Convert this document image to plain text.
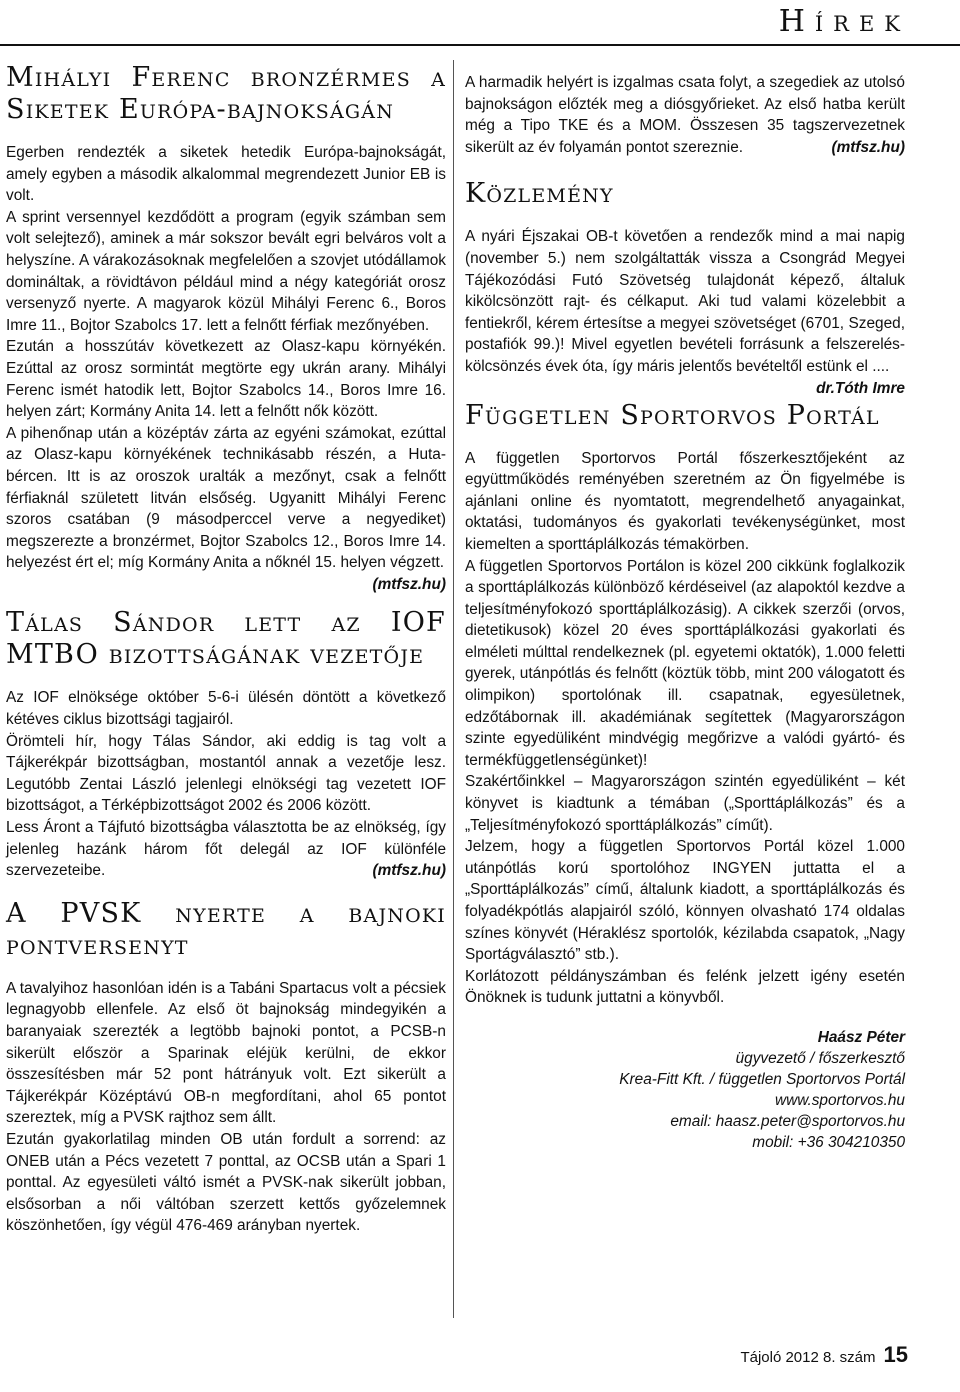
Hírek
Mihályi Ferenc bronzérmes a Siketek Európa-bajnokságán

Egerben rendezték a siketek hetedik Európa-bajnokságát, amely egyben a második alkalommal megrendezett Junior EB is volt.

A sprint versennyel kezdődött a program (egyik számban sem volt selejtező), aminek a már sokszor bevált egri belváros volt a helyszíne. A várakozásoknak megfelelően a szovjet utódállamok domináltak, a rövidtávon például mind a négy kategóriát orosz versenyző nyerte. A magyarok közül Mihályi Ferenc 6., Boros Imre 11., Bojtor Szabolcs 17. lett a felnőtt férfiak mezőnyében.

Ezután a hosszútáv következett az Olasz-kapu környékén. Ezúttal az orosz sormintát megtörte egy ukrán arany. Mihályi Ferenc ismét hatodik lett, Bojtor Szabolcs 14., Boros Imre 16. helyen zárt; Kormány Anita 14. lett a felnőtt nők között.

A pihenőnap után a középtáv zárta az egyéni számokat, ezúttal az Olasz-kapu környékének technikásabb részén, a Huta-bércen. Itt is az oroszok uralták a mezőnyt, csak a felnőtt férfiaknál született litván elsőség. Ugyanitt Mihályi Ferenc szoros csatában (9 másodperccel verve a negyediket) megszerezte a bronzérmet, Bojtor Szabolcs 12., Boros Imre 14. helyezést ért el; míg Kormány Anita a nőknél 15. helyen végzett.

(mtfsz.hu)

Tálas Sándor lett az IOF MTBO bizottságának vezetője

Az IOF elnöksége október 5-6-i ülésén döntött a következő kétéves ciklus bizottsági tagjairól.

Örömteli hír, hogy Tálas Sándor, aki eddig is tag volt a Tájkerékpár bizottságban, mostantól annak a vezetője lesz. Legutóbb Zentai László jelenlegi elnökségi tag vezetett IOF bizottságot, a Térképbizottságot 2002 és 2006 között.

Less Áront a Tájfutó bizottságba választotta be az elnökség, így jelenleg hazánk három főt delegál az IOF különféle szervezeteibe.	(mtfsz.hu)

A PVSK nyerte a bajnoki pontversenyt

A tavalyihoz hasonlóan idén is a Tabáni Spartacus volt a pécsiek legnagyobb ellenfele. Az első öt bajnokság mindegyikén a baranyaiak szerezték a legtöbb bajnoki pontot, a PCSB-n sikerült először a Sparinak eléjük kerülni, de ekkor összesítésben már 52 pont hátrányuk volt. Ezt sikerült a Tájkerékpár Középtávú OB-n megfordítani, ahol 65 pontot szereztek, míg a PVSK rajthoz sem állt.

Ezután gyakorlatilag minden OB után fordult a sorrend: az ONEB után a Pécs vezetett 7 ponttal, az OCSB után a Spari 1 ponttal. Az egyesületi váltó ismét a PVSK-nak sikerült jobban, elsősorban a női váltóban szerzett kettős győzelemnek köszönhetően, így végül 476-469 arányban nyertek.

A harmadik helyért is izgalmas csata folyt, a szegediek az utolsó bajnokságon előzték meg a diósgyőrieket. Az első hatba került még a Tipo TKE és a MOM. Összesen 35 tagszervezetnek sikerült az év folyamán pontot szereznie.	(mtfsz.hu)

Közlemény

A nyári Éjszakai OB-t követően a rendezők mind a mai napig (november 5.) nem szolgáltatták vissza a Csongrád Megyei Tájékozódási Futó Szövetség tulajdonát képező, általuk kikölcsönzött rajt- és célkaput. Aki tud valami közelebbit a fentiekről, kérem értesítse a megyei szövetséget (6701, Szeged, postafiók 99.)! Mivel egyetlen bevételi forrásunk a felszerelés-kölcsönzés évek óta, így máris jelentős bevételtől estünk el ....
dr.Tóth Imre

Független Sportorvos Portál

A független Sportorvos Portál főszerkesztőjeként az együttműködés reményében szeretném az Ön figyelmébe is ajánlani online és nyomtatott, megrendelhető anyagainkat, oktatási, tudományos és gyakorlati tevékenységünket, most kiemelten a sporttáplálkozás témakörben.

A független Sportorvos Portálon is közel 200 cikkünk foglalkozik a sporttáplálkozás különböző kérdéseivel (az alapoktól kezdve a teljesítményfokozó sporttáplálkozásig). A cikkek szerzői (orvos, dietetikusok) közel 20 éves sporttáplálkozási gyakorlati és elméleti múlttal rendelkeznek (pl. egyetemi oktatók), 1.000 feletti gyerek, utánpótlás és felnőtt (köztük több, mint 200 válogatott és olimpikon) sportolónak ill. csapatnak, egyesületnek, edzőtábornak ill. akadémiának segítettek (Magyarországon szinte egyedüliként mindvégig megőrizve a valódi gyártó- és termékfüggetlenségünket)!

Szakértőinkkel – Magyarországon szintén egyedüliként – két könyvet is kiadtunk a témában („Sporttáplálkozás” és a „Teljesítményfokozó sporttáplálkozás” címűt).

Jelzem, hogy a független Sportorvos Portál közel 1.000 utánpótlás korú sportolóhoz INGYEN juttatta el a „Sporttáplálkozás” című, általunk kiadott, a sporttáplálkozás és folyadékpótlás alapjairól szóló, könnyen olvasható 174 oldalas színes könyvét (Héraklész sportolók, kézilabda csapatok, „Nagy Sportágválasztó” stb.).

Korlátozott példányszámban és felénk jelzett igény esetén Önöknek is tudunk juttatni a könyvből.

Haász Péter
ügyvezető / főszerkesztő
Krea-Fitt Kft. / független Sportorvos Portál
www.sportorvos.hu
email: haasz.peter@sportorvos.hu
mobil: +36 304210350
Tájoló 2012 8. szám 15
